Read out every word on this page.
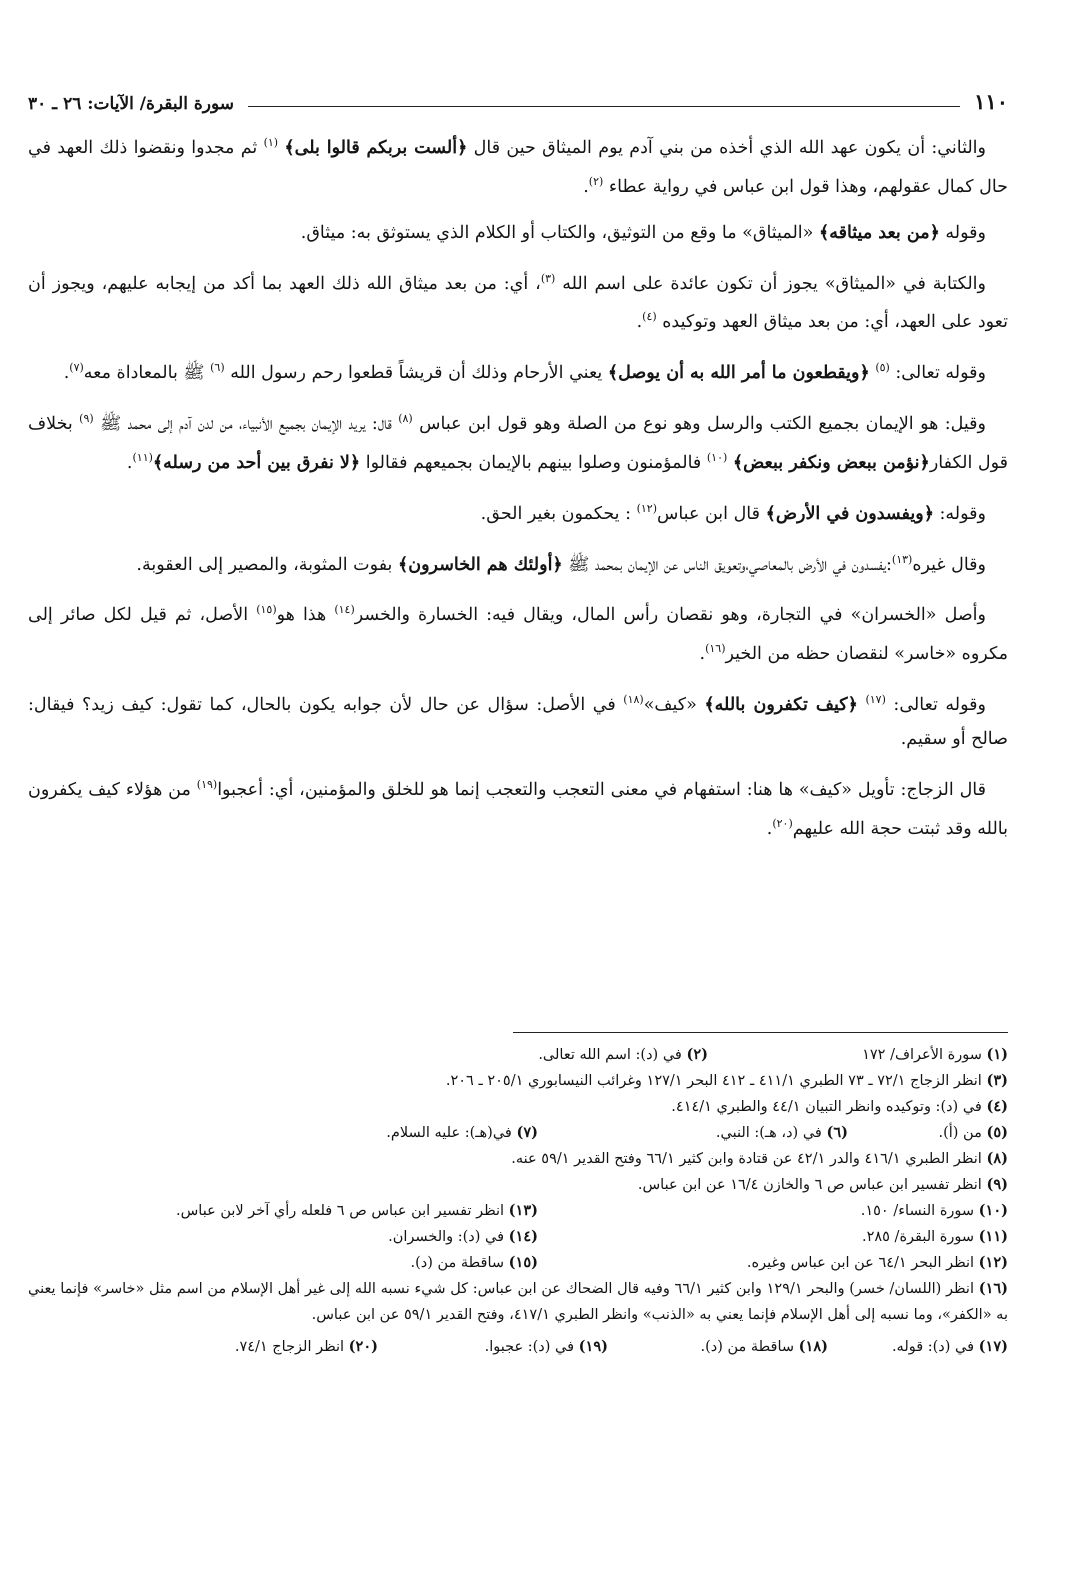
١١٠
سورة البقرة/ الآيات: ٢٦ ـ ٣٠

والثاني: أن يكون عهد الله الذي أخذه من بني آدم يوم الميثاق حين قال ﴿ألست بربكم قالوا بلى﴾ $^{(١)}$ ثم مجدوا ونقضوا ذلك العهد في حال كمال عقولهم، وهذا قول ابن عباس في رواية عطاء $^{(٢)}$.

وقوله ﴿من بعد ميثاقه﴾ «الميثاق» ما وقع من التوثيق، والكتاب أو الكلام الذي يستوثق به: ميثاق.

والكتابة في «الميثاق» يجوز أن تكون عائدة على اسم الله $^{(٣)}$، أي: من بعد ميثاق الله ذلك العهد بما أكد من إيجابه عليهم، ويجوز أن تعود على العهد، أي: من بعد ميثاق العهد وتوكيده $^{(٤)}$.

وقوله تعالى: $^{(٥)}$ ﴿ويقطعون ما أمر الله به أن يوصل﴾ يعني الأرحام وذلك أن قريشاً قطعوا رحم رسول الله $^{(٦)}$ ﷺ بالمعاداة معه$^{(٧)}$.

وقيل: هو الإيمان بجميع الكتب والرسل وهو نوع من الصلة وهو قول ابن عباس $^{(٨)}$ قال: يريد الإيمان بجميع الأنبياء، من لدن آدم إلى محمد ﷺ $^{(٩)}$ بخلاف قول الكفار﴿نؤمن ببعض ونكفر ببعض﴾ $^{(١٠)}$ فالمؤمنون وصلوا بينهم بالإيمان بجميعهم فقالوا ﴿لا نفرق بين أحد من رسله﴾$^{(١١)}$.

وقوله: ﴿ويفسدون في الأرض﴾ قال ابن عباس$^{(١٢)}$ : يحكمون بغير الحق.

وقال غيره$^{(١٣)}$:يفسدون في الأرض بالمعاصي،وتعويق الناس عن الإيمان بمحمد ﷺ ﴿أولئك هم الخاسرون﴾ بفوت المثوبة، والمصير إلى العقوبة.

وأصل «الخسران» في التجارة، وهو نقصان رأس المال، ويقال فيه: الخسارة والخسر$^{(١٤)}$ هذا هو$^{(١٥)}$ الأصل، ثم قيل لكل صائر إلى مكروه «خاسر» لنقصان حظه من الخير$^{(١٦)}$.

وقوله تعالى: $^{(١٧)}$ ﴿كيف تكفرون بالله﴾ «كيف»$^{(١٨)}$ في الأصل: سؤال عن حال لأن جوابه يكون بالحال، كما تقول: كيف زيد؟ فيقال: صالح أو سقيم.

قال الزجاج: تأويل «كيف» ها هنا: استفهام في معنى التعجب والتعجب إنما هو للخلق والمؤمنين، أي: أعجبوا$^{(١٩)}$ من هؤلاء كيف يكفرون بالله وقد ثبتت حجة الله عليهم$^{(٢٠)}$.

(١) سورة الأعراف/ ١٧٢
(٢) في (د): اسم الله تعالى.

(٣) انظر الزجاج ٧٢/١ ـ ٧٣ الطبري ٤١١/١ ـ ٤١٢ البحر ١٢٧/١ وغرائب النيسابوري ٢٠٥/١ ـ ٢٠٦.

(٤) في (د): وتوكيده وانظر التبيان ٤٤/١ والطبري ٤١٤/١.

(٥) من (أ).
(٦) في (د، هـ): النبي.
(٧) في(هـ): عليه السلام.

(٨) انظر الطبري ٤١٦/١ والدر ٤٢/١ عن قتادة وابن كثير ٦٦/١ وفتح القدير ٥٩/١ عنه.

(٩) انظر تفسير ابن عباس ص ٦ والخازن ١٦/٤ عن ابن عباس.

(١٠) سورة النساء/ ١٥٠.
(١٣) انظر تفسير ابن عباس ص ٦ فلعله رأي آخر لابن عباس.
(١١) سورة البقرة/ ٢٨٥.
(١٤) في (د): والخسران.
(١٢) انظر البحر ٦٤/١ عن ابن عباس وغيره.
(١٥) ساقطة من (د).

(١٦) انظر (اللسان/ خسر) والبحر ١٢٩/١ وابن كثير ٦٦/١ وفيه قال الضحاك عن ابن عباس: كل شيء نسبه الله إلى غير أهل الإسلام من اسم مثل «خاسر» فإنما يعني به «الكفر»، وما نسبه إلى أهل الإسلام فإنما يعني به «الذنب» وانظر الطبري ٤١٧/١، وفتح القدير ٥٩/١ عن ابن عباس.

(١٧) في (د): قوله.
(١٨) ساقطة من (د).
(١٩) في (د): عجبوا.
(٢٠) انظر الزجاج ٧٤/١.
